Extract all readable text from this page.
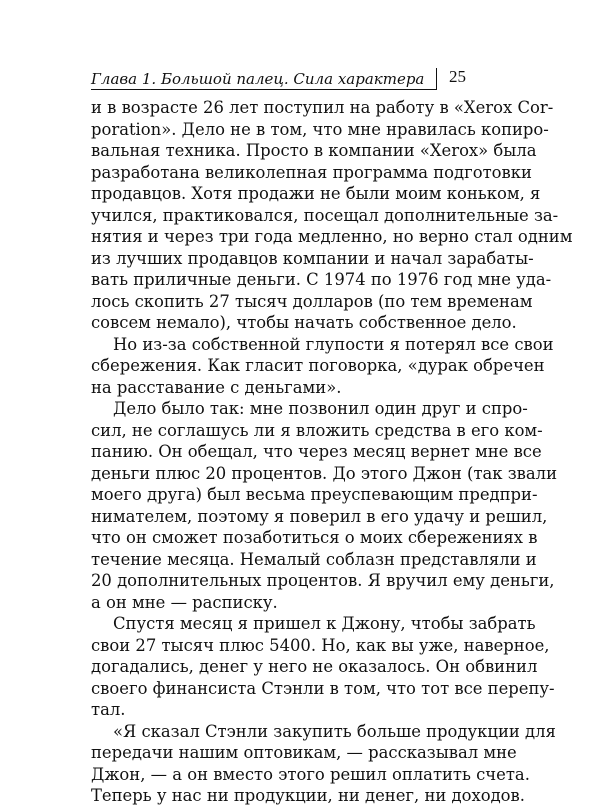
Глава 1. Большой палец. Сила характера 25
и в возрасте 26 лет поступил на работу в «Xerox Cor-
poration». Дело не в том, что мне нравилась копиро-
вальная техника. Просто в компании «Xerox» была
разработана великолепная программа подготовки
продавцов. Хотя продажи не были моим коньком, я
учился, практиковался, посещал дополнительные за-
нятия и через три года медленно, но верно стал одним
из лучших продавцов компании и начал зарабаты-
вать приличные деньги. С 1974 по 1976 год мне уда-
лось скопить 27 тысяч долларов (по тем временам
совсем немало), чтобы начать собственное дело.
Но из-за собственной глупости я потерял все свои
сбережения. Как гласит поговорка, «дурак обречен
на расставание с деньгами».
Дело было так: мне позвонил один друг и спро-
сил, не соглашусь ли я вложить средства в его ком-
панию. Он обещал, что через месяц вернет мне все
деньги плюс 20 процентов. До этого Джон (так звали
моего друга) был весьма преуспевающим предпри-
нимателем, поэтому я поверил в его удачу и решил,
что он сможет позаботиться о моих сбережениях в
течение месяца. Немалый соблазн представляли и
20 дополнительных процентов. Я вручил ему деньги,
а он мне — расписку.
Спустя месяц я пришел к Джону, чтобы забрать
свои 27 тысяч плюс 5400. Но, как вы уже, наверное,
догадались, денег у него не оказалось. Он обвинил
своего финансиста Стэнли в том, что тот все перепу-
тал.
«Я сказал Стэнли закупить больше продукции для
передачи нашим оптовикам, — рассказывал мне
Джон, — а он вместо этого решил оплатить счета.
Теперь у нас ни продукции, ни денег, ни доходов.
